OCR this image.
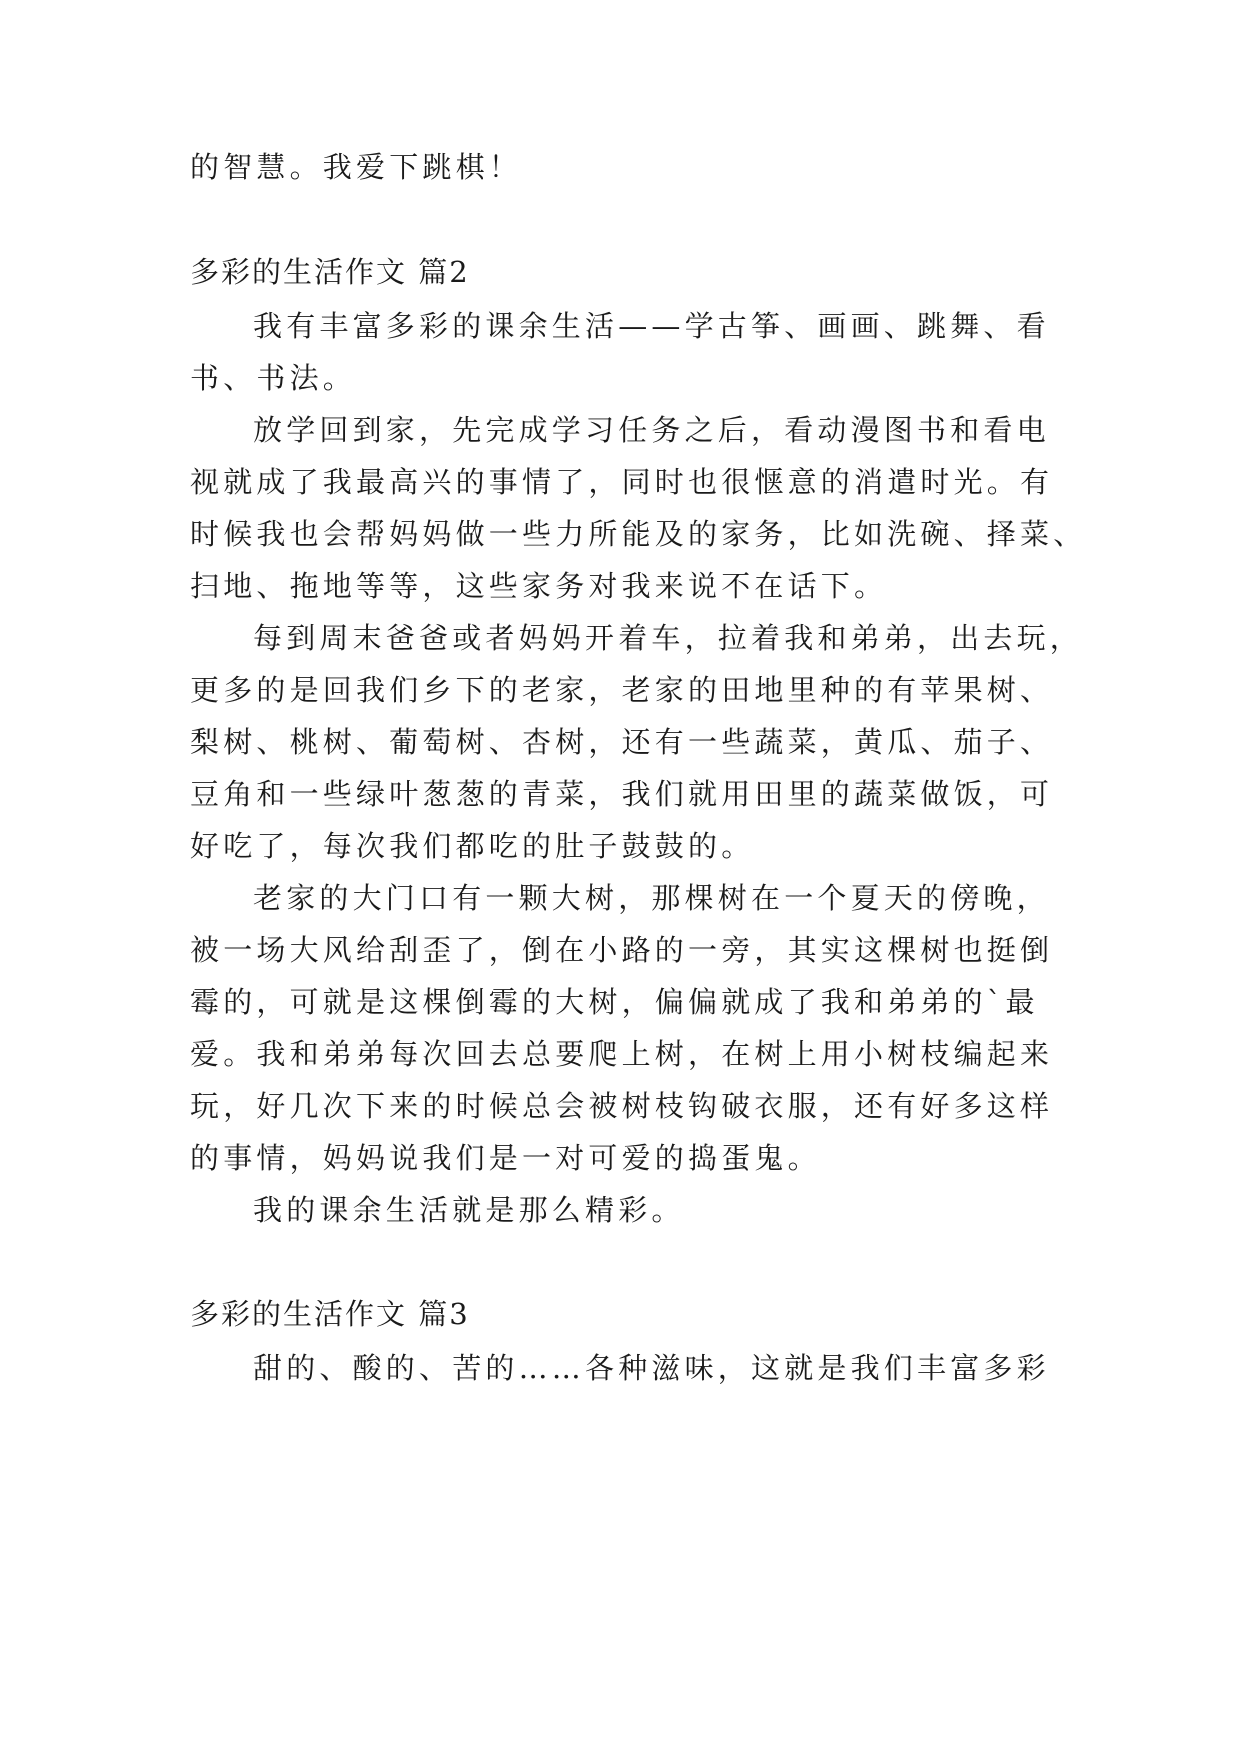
的智慧。我爱下跳棋！
多彩的生活作文 篇2
我有丰富多彩的课余生活——学古筝、画画、跳舞、看
书、书法。
放学回到家，先完成学习任务之后，看动漫图书和看电
视就成了我最高兴的事情了，同时也很惬意的消遣时光。有
时候我也会帮妈妈做一些力所能及的家务，比如洗碗、择菜、
扫地、拖地等等，这些家务对我来说不在话下。
每到周末爸爸或者妈妈开着车，拉着我和弟弟，出去玩，
更多的是回我们乡下的老家，老家的田地里种的有苹果树、
梨树、桃树、葡萄树、杏树，还有一些蔬菜，黄瓜、茄子、
豆角和一些绿叶葱葱的青菜，我们就用田里的蔬菜做饭，可
好吃了，每次我们都吃的肚子鼓鼓的。
老家的大门口有一颗大树，那棵树在一个夏天的傍晚，
被一场大风给刮歪了，倒在小路的一旁，其实这棵树也挺倒
霉的，可就是这棵倒霉的大树，偏偏就成了我和弟弟的`最
爱。我和弟弟每次回去总要爬上树，在树上用小树枝编起来
玩，好几次下来的时候总会被树枝钩破衣服，还有好多这样
的事情，妈妈说我们是一对可爱的捣蛋鬼。
我的课余生活就是那么精彩。
多彩的生活作文 篇3
甜的、酸的、苦的……各种滋味，这就是我们丰富多彩
